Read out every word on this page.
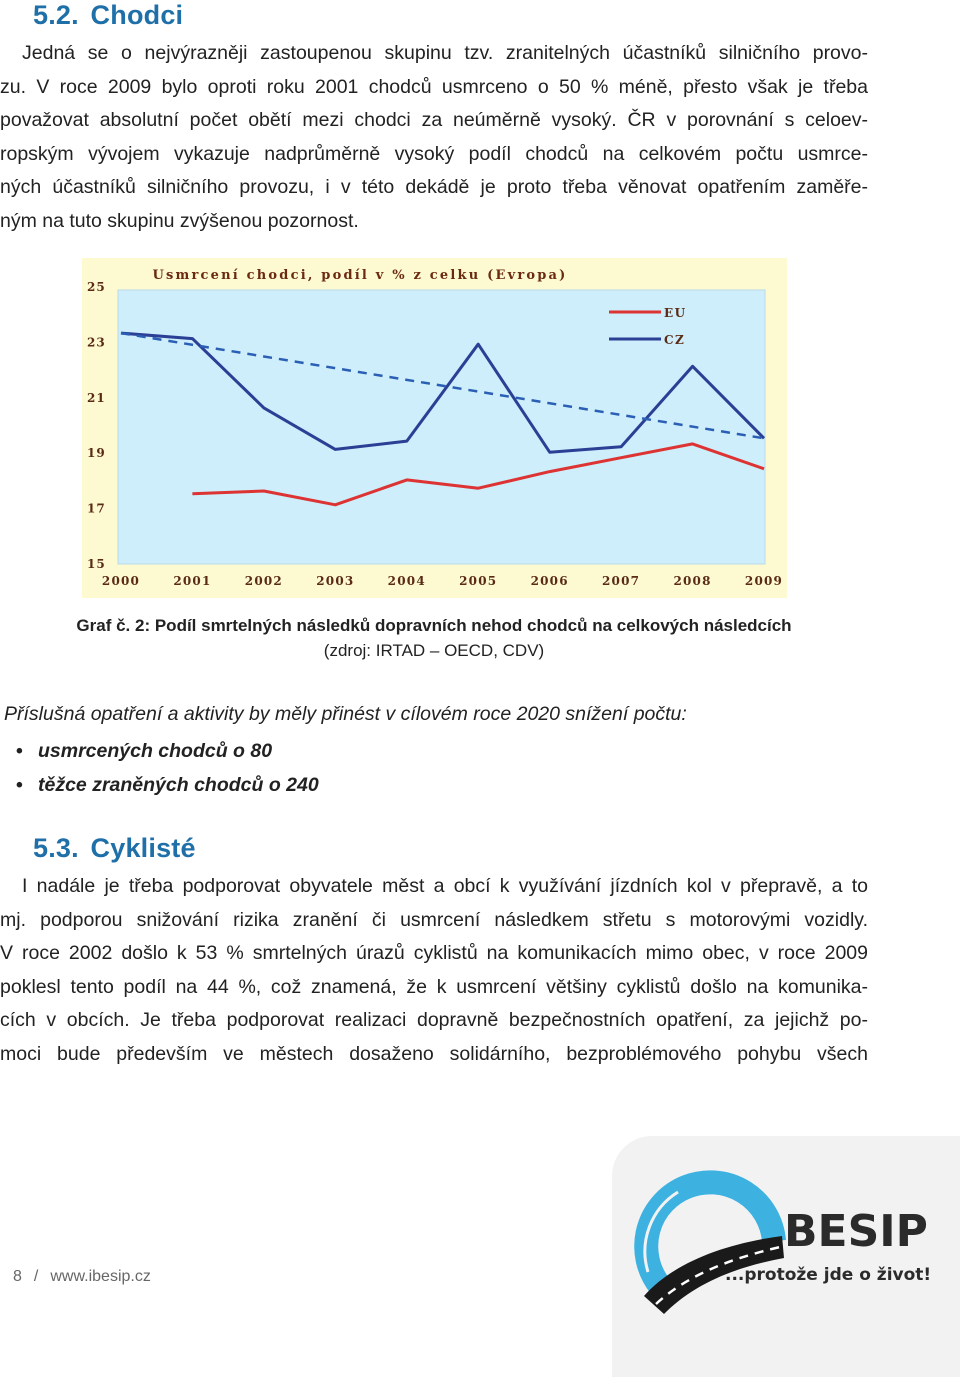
5.2. Chodci
Jedná se o nejvýrazněji zastoupenou skupinu tzv. zranitelných účastníků silničního provo-
zu. V roce 2009 bylo oproti roku 2001 chodců usmrceno o 50 % méně, přesto však je třeba
považovat absolutní počet obětí mezi chodci za neúměrně vysoký. ČR v porovnání s celoev-
ropským vývojem vykazuje nadprůměrně vysoký podíl chodců na celkovém počtu usmrce-
ných účastníků silničního provozu, i v této dekádě je proto třeba věnovat opatřením zaměře-
ným na tuto skupinu zvýšenou pozornost.
Usmrcení chodci, podíl v % z celku (Evropa)
25
23
21
19
17
15
2000	2001	2002	2003	2004	2005	2006	2007	2008	2009
EU
CZ

Graf č. 2: Podíl smrtelných následků dopravních nehod chodců na celkových následcích

(zdroj: IRTAD – OECD, CDV)

Příslušná opatření a aktivity by měly přinést v cílovém roce 2020 snížení počtu:

• usmrcených chodců o 80
• těžce zraněných chodců o 240
5.3. Cyklisté
I nadále je třeba podporovat obyvatele měst a obcí k využívání jízdních kol v přepravě, a to
mj. podporou snižování rizika zranění či usmrcení následkem střetu s motorovými vozidly.
V roce 2002 došlo k 53 % smrtelných úrazů cyklistů na komunikacích mimo obec, v roce 2009
poklesl tento podíl na 44 %, což znamená, že k usmrcení většiny cyklistů došlo na komunika-
cích v obcích. Je třeba podporovat realizaci dopravně bezpečnostních opatření, za jejichž po-
moci bude především ve městech dosaženo solidárního, bezproblémového pohybu všech
8 / www.ibesip.cz
BESIP
...protože jde o život!
